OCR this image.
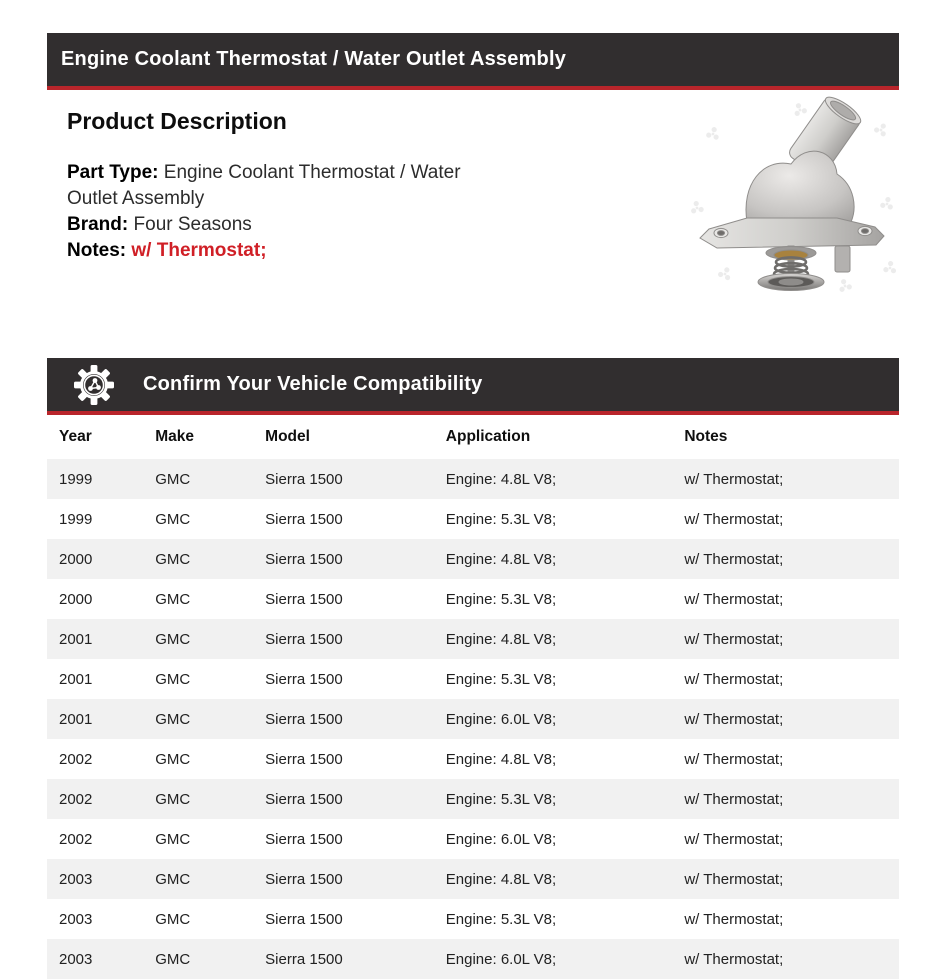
Engine Coolant Thermostat / Water Outlet Assembly
Product Description

Part Type: Engine Coolant Thermostat / Water Outlet Assembly

Brand: Four Seasons

Notes: w/ Thermostat;

Confirm Your Vehicle Compatibility
Year	Make	Model	Application	Notes
1999	GMC	Sierra 1500	Engine: 4.8L V8;	w/ Thermostat;
1999	GMC	Sierra 1500	Engine: 5.3L V8;	w/ Thermostat;
2000	GMC	Sierra 1500	Engine: 4.8L V8;	w/ Thermostat;
2000	GMC	Sierra 1500	Engine: 5.3L V8;	w/ Thermostat;
2001	GMC	Sierra 1500	Engine: 4.8L V8;	w/ Thermostat;
2001	GMC	Sierra 1500	Engine: 5.3L V8;	w/ Thermostat;
2001	GMC	Sierra 1500	Engine: 6.0L V8;	w/ Thermostat;
2002	GMC	Sierra 1500	Engine: 4.8L V8;	w/ Thermostat;
2002	GMC	Sierra 1500	Engine: 5.3L V8;	w/ Thermostat;
2002	GMC	Sierra 1500	Engine: 6.0L V8;	w/ Thermostat;
2003	GMC	Sierra 1500	Engine: 4.8L V8;	w/ Thermostat;
2003	GMC	Sierra 1500	Engine: 5.3L V8;	w/ Thermostat;
2003	GMC	Sierra 1500	Engine: 6.0L V8;	w/ Thermostat;
